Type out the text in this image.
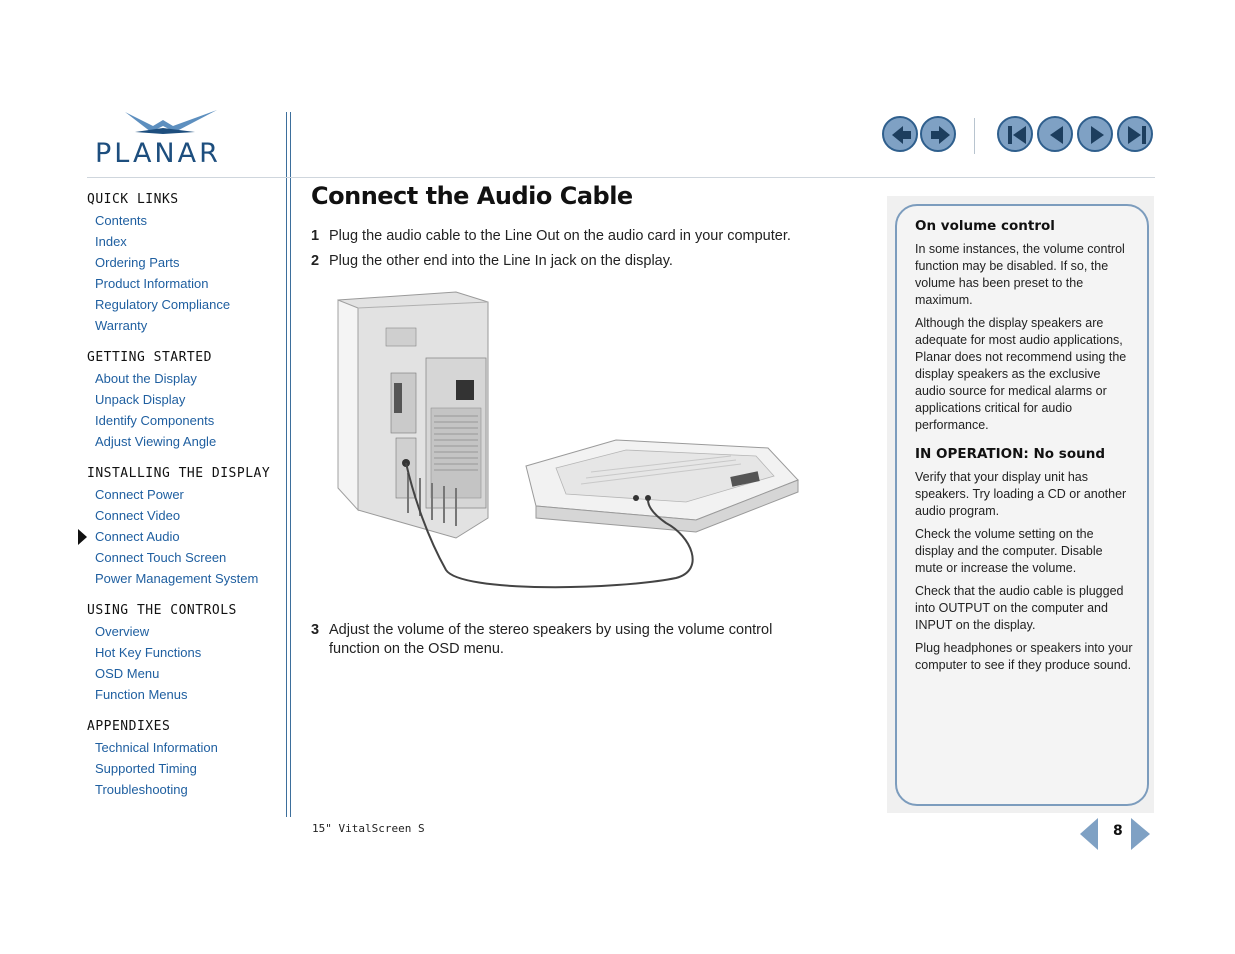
PLANAR
QUICK LINKS
Contents
Index
Ordering Parts
Product Information
Regulatory Compliance
Warranty
GETTING STARTED
About the Display
Unpack Display
Identify Components
Adjust Viewing Angle
INSTALLING THE DISPLAY
Connect Power
Connect Video
Connect Audio
Connect Touch Screen
Power Management System
USING THE CONTROLS
Overview
Hot Key Functions
OSD Menu
Function Menus
APPENDIXES
Technical Information
Supported Timing
Troubleshooting
Connect the Audio Cable
1 Plug the audio cable to the Line Out on the audio card in your computer.
2 Plug the other end into the Line In jack on the display.
3 Adjust the volume of the stereo speakers by using the volume control function on the OSD menu.
On volume control

In some instances, the volume control function may be disabled. If so, the volume has been preset to the maximum.

Although the display speakers are adequate for most audio applications, Planar does not recommend using the display speakers as the exclusive audio source for medical alarms or applications critical for audio performance.

IN OPERATION: No sound

Verify that your display unit has speakers. Try loading a CD or another audio program.

Check the volume setting on the display and the computer. Disable mute or increase the volume.

Check that the audio cable is plugged into OUTPUT on the computer and INPUT on the display.

Plug headphones or speakers into your computer to see if they produce sound.

15" VitalScreen S	8
